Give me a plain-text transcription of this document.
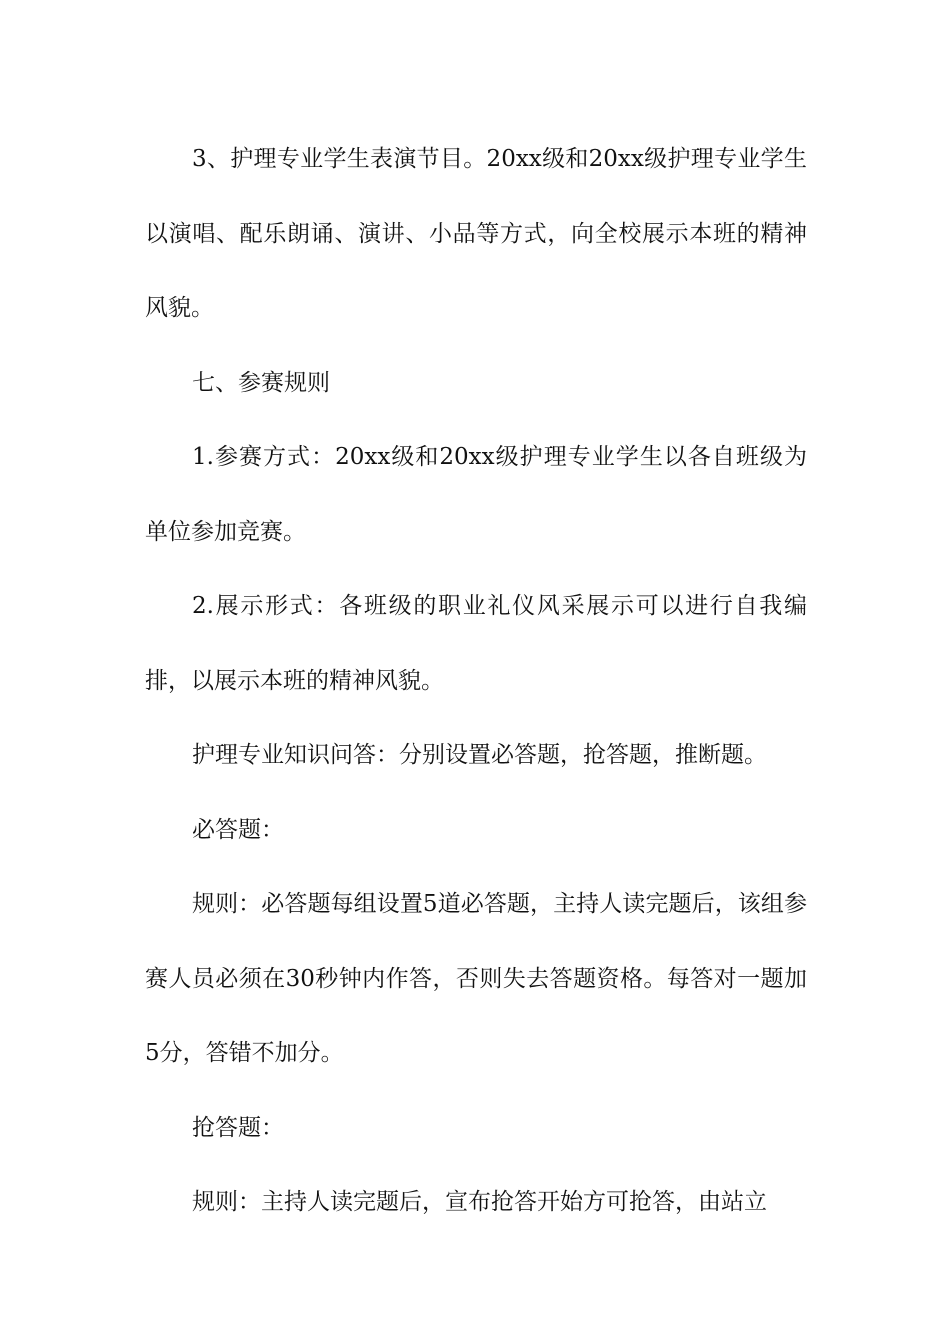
3、护理专业学生表演节目。20xx级和20xx级护理专业学生以演唱、配乐朗诵、演讲、小品等方式，向全校展示本班的精神风貌。

七、参赛规则

1.参赛方式：20xx级和20xx级护理专业学生以各自班级为单位参加竞赛。

2.展示形式：各班级的职业礼仪风采展示可以进行自我编排，以展示本班的精神风貌。

护理专业知识问答：分别设置必答题，抢答题，推断题。

必答题：

规则：必答题每组设置5道必答题，主持人读完题后，该组参赛人员必须在30秒钟内作答，否则失去答题资格。每答对一题加5分，答错不加分。

抢答题：

规则：主持人读完题后，宣布抢答开始方可抢答，由站立
